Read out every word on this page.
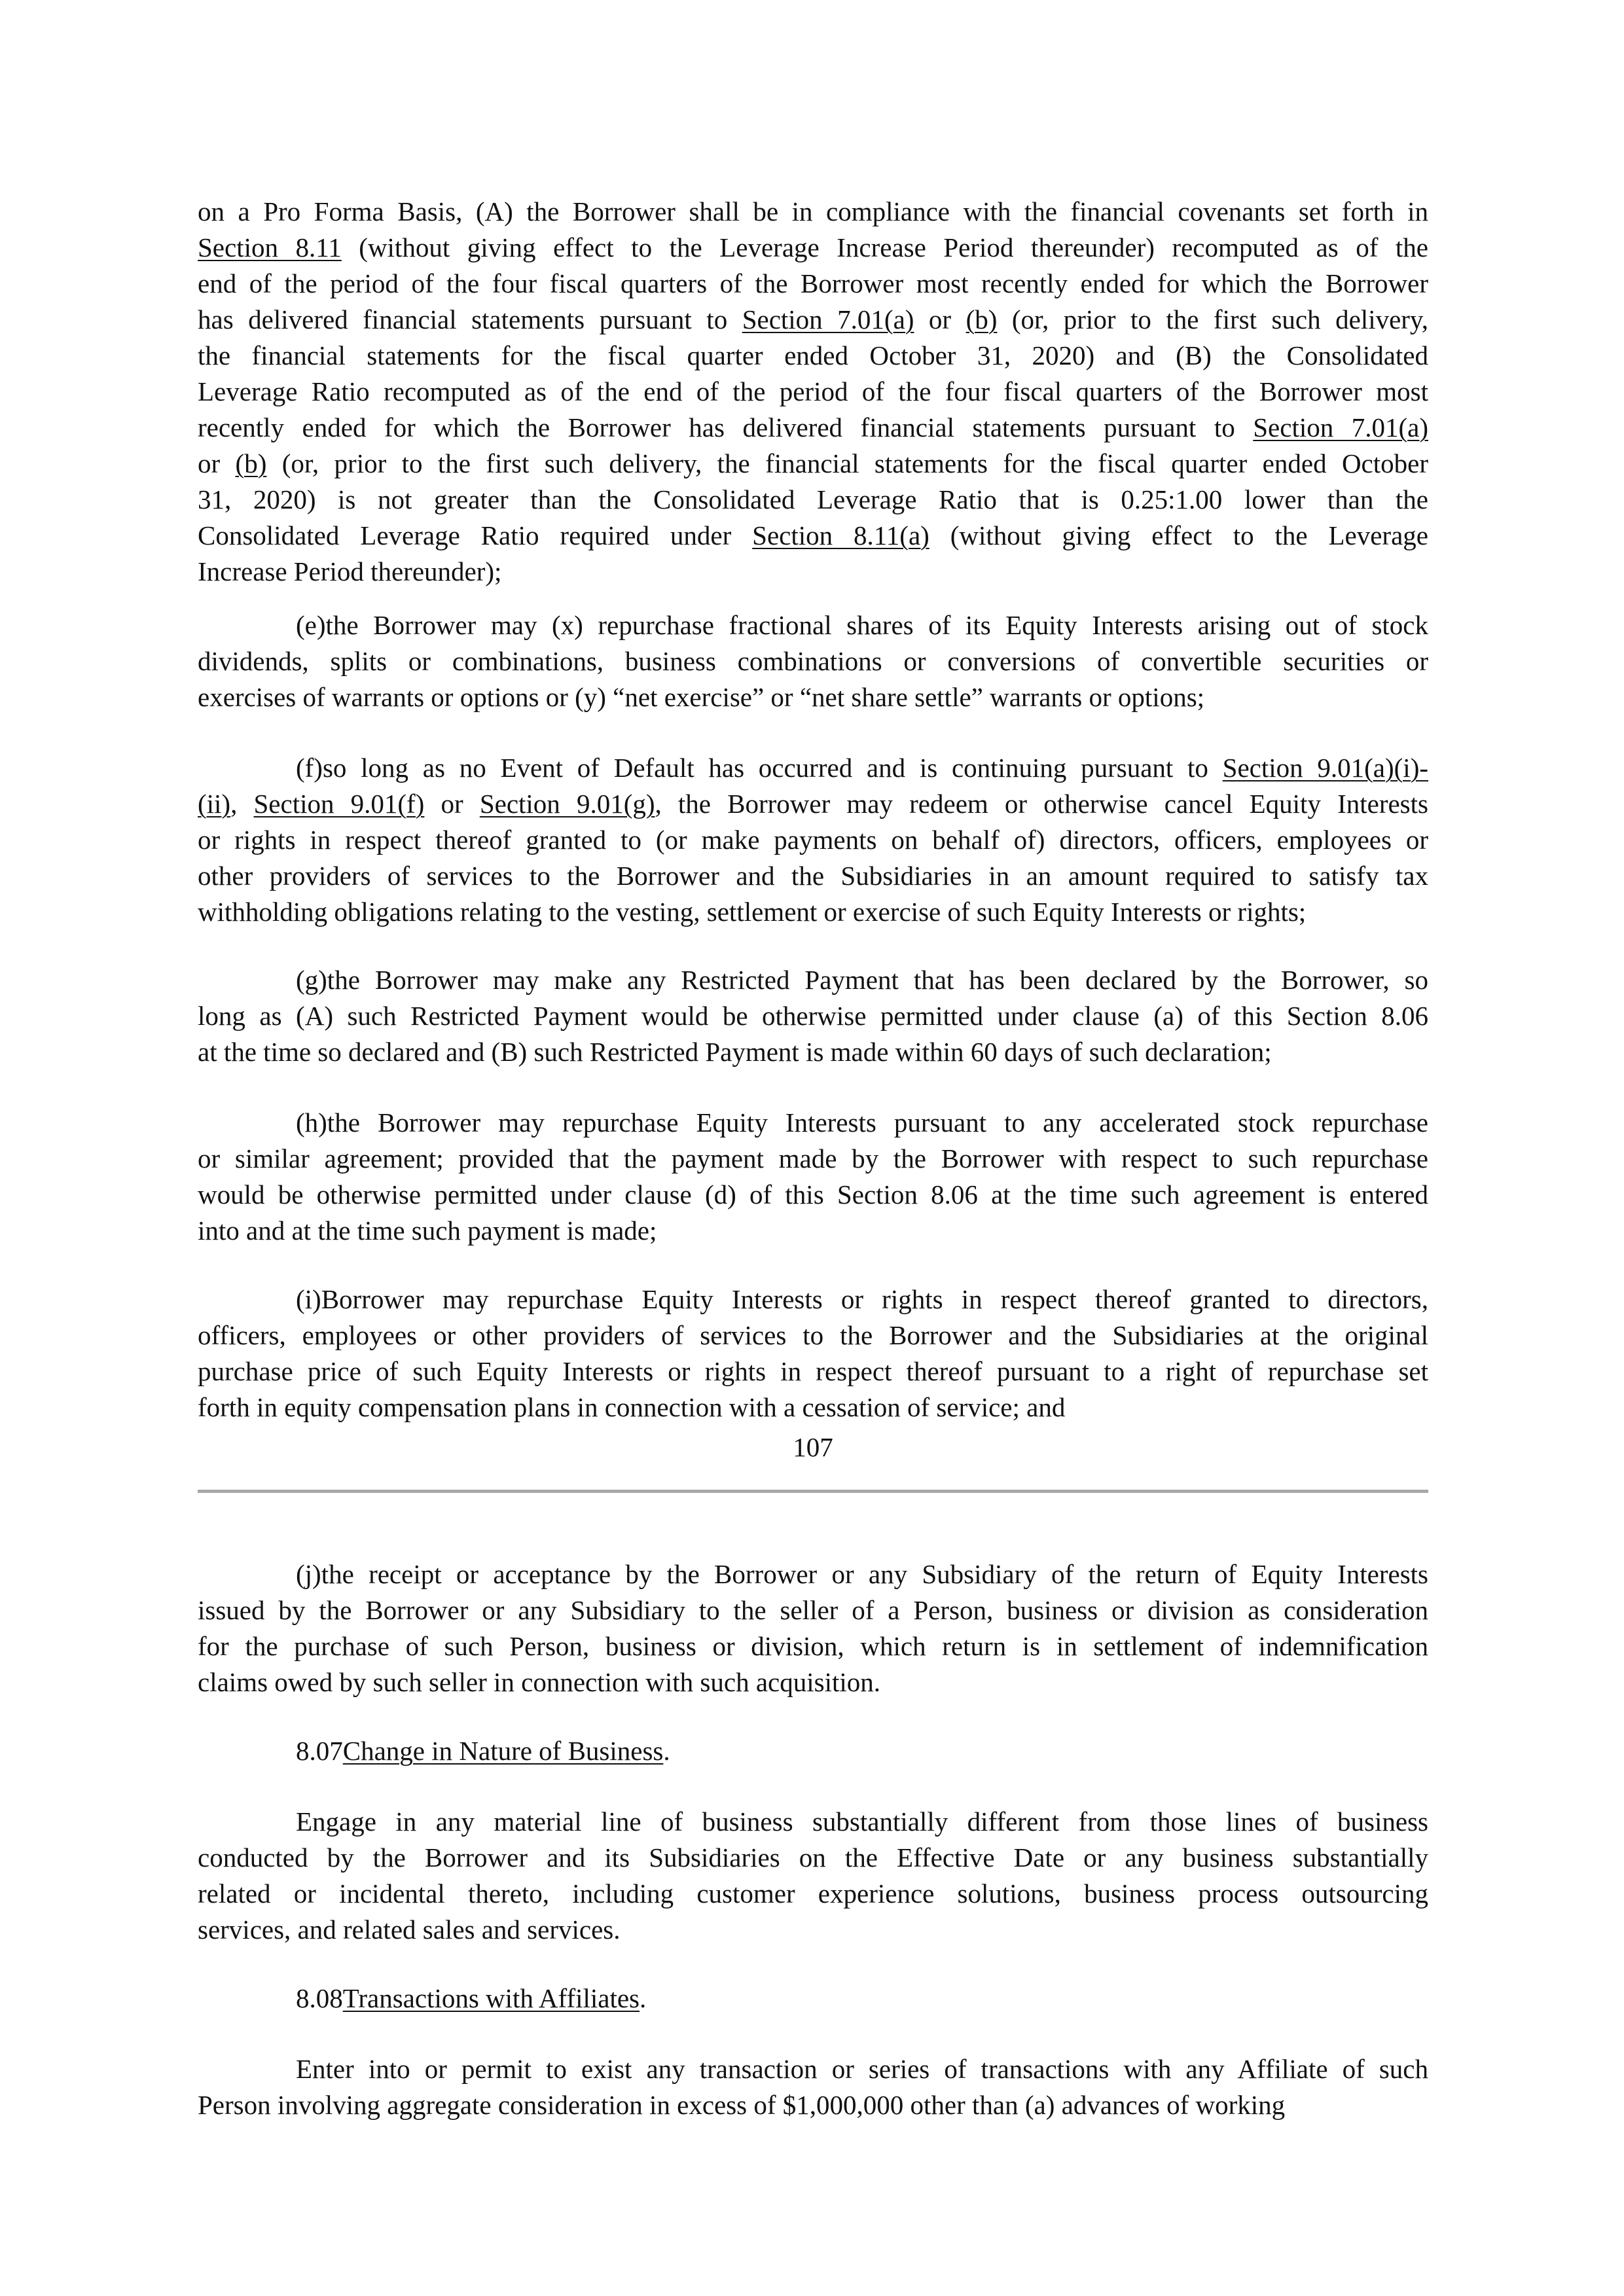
on a Pro Forma Basis, (A) the Borrower shall be in compliance with the financial covenants set forth in
Section 8.11 (without giving effect to the Leverage Increase Period thereunder) recomputed as of the
end of the period of the four fiscal quarters of the Borrower most recently ended for which the Borrower
has delivered financial statements pursuant to Section 7.01(a) or (b) (or, prior to the first such delivery,
the financial statements for the fiscal quarter ended October 31, 2020) and (B) the Consolidated
Leverage Ratio recomputed as of the end of the period of the four fiscal quarters of the Borrower most
recently ended for which the Borrower has delivered financial statements pursuant to Section 7.01(a)
or (b) (or, prior to the first such delivery, the financial statements for the fiscal quarter ended October
31, 2020) is not greater than the Consolidated Leverage Ratio that is 0.25:1.00 lower than the
Consolidated Leverage Ratio required under Section 8.11(a) (without giving effect to the Leverage
Increase Period thereunder);
(e)the Borrower may (x) repurchase fractional shares of its Equity Interests arising out of stock
dividends, splits or combinations, business combinations or conversions of convertible securities or
exercises of warrants or options or (y) “net exercise” or “net share settle” warrants or options;
(f)so long as no Event of Default has occurred and is continuing pursuant to Section 9.01(a)(i)-
(ii), Section 9.01(f) or Section 9.01(g), the Borrower may redeem or otherwise cancel Equity Interests
or rights in respect thereof granted to (or make payments on behalf of) directors, officers, employees or
other providers of services to the Borrower and the Subsidiaries in an amount required to satisfy tax
withholding obligations relating to the vesting, settlement or exercise of such Equity Interests or rights;
(g)the Borrower may make any Restricted Payment that has been declared by the Borrower, so
long as (A) such Restricted Payment would be otherwise permitted under clause (a) of this Section 8.06
at the time so declared and (B) such Restricted Payment is made within 60 days of such declaration;
(h)the Borrower may repurchase Equity Interests pursuant to any accelerated stock repurchase
or similar agreement; provided that the payment made by the Borrower with respect to such repurchase
would be otherwise permitted under clause (d) of this Section 8.06 at the time such agreement is entered
into and at the time such payment is made;
(i)Borrower may repurchase Equity Interests or rights in respect thereof granted to directors,
officers, employees or other providers of services to the Borrower and the Subsidiaries at the original
purchase price of such Equity Interests or rights in respect thereof pursuant to a right of repurchase set
forth in equity compensation plans in connection with a cessation of service; and
107
(j)the receipt or acceptance by the Borrower or any Subsidiary of the return of Equity Interests
issued by the Borrower or any Subsidiary to the seller of a Person, business or division as consideration
for the purchase of such Person, business or division, which return is in settlement of indemnification
claims owed by such seller in connection with such acquisition.
8.07Change in Nature of Business.
Engage in any material line of business substantially different from those lines of business
conducted by the Borrower and its Subsidiaries on the Effective Date or any business substantially
related or incidental thereto, including customer experience solutions, business process outsourcing
services, and related sales and services.
8.08Transactions with Affiliates.
Enter into or permit to exist any transaction or series of transactions with any Affiliate of such
Person involving aggregate consideration in excess of $1,000,000 other than (a) advances of working
